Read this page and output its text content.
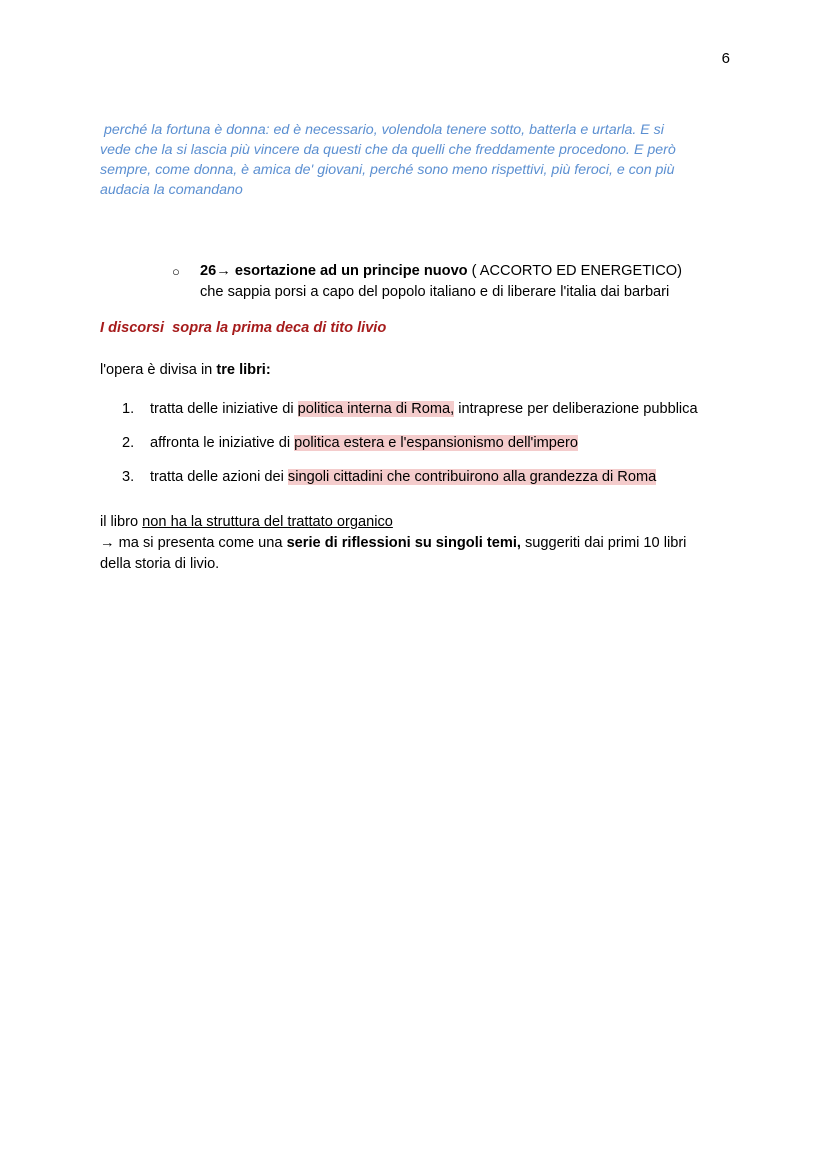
6

perché la fortuna è donna: ed è necessario, volendola tenere sotto, batterla e urtarla. E si

vede che la si lascia più vincere da questi che da quelli che freddamente procedono. E però

sempre, come donna, è amica de' giovani, perché sono meno rispettivi, più feroci, e con più

audacia la comandano

○	26→ esortazione ad un principe nuovo ( ACCORTO ED ENERGETICO)
che sappia porsi a capo del popolo italiano e di liberare l'italia dai barbari
I discorsi  sopra la prima deca di tito livio
l'opera è divisa in tre libri:
1.	tratta delle iniziative di politica interna di Roma, intraprese per deliberazione pubblica
2.	affronta le iniziative di politica estera e l'espansionismo dell'impero
3.	tratta delle azioni dei singoli cittadini che contribuirono alla grandezza di Roma

il libro non ha la struttura del trattato organico

→ ma si presenta come una serie di riflessioni su singoli temi, suggeriti dai primi 10 libri

della storia di livio.
